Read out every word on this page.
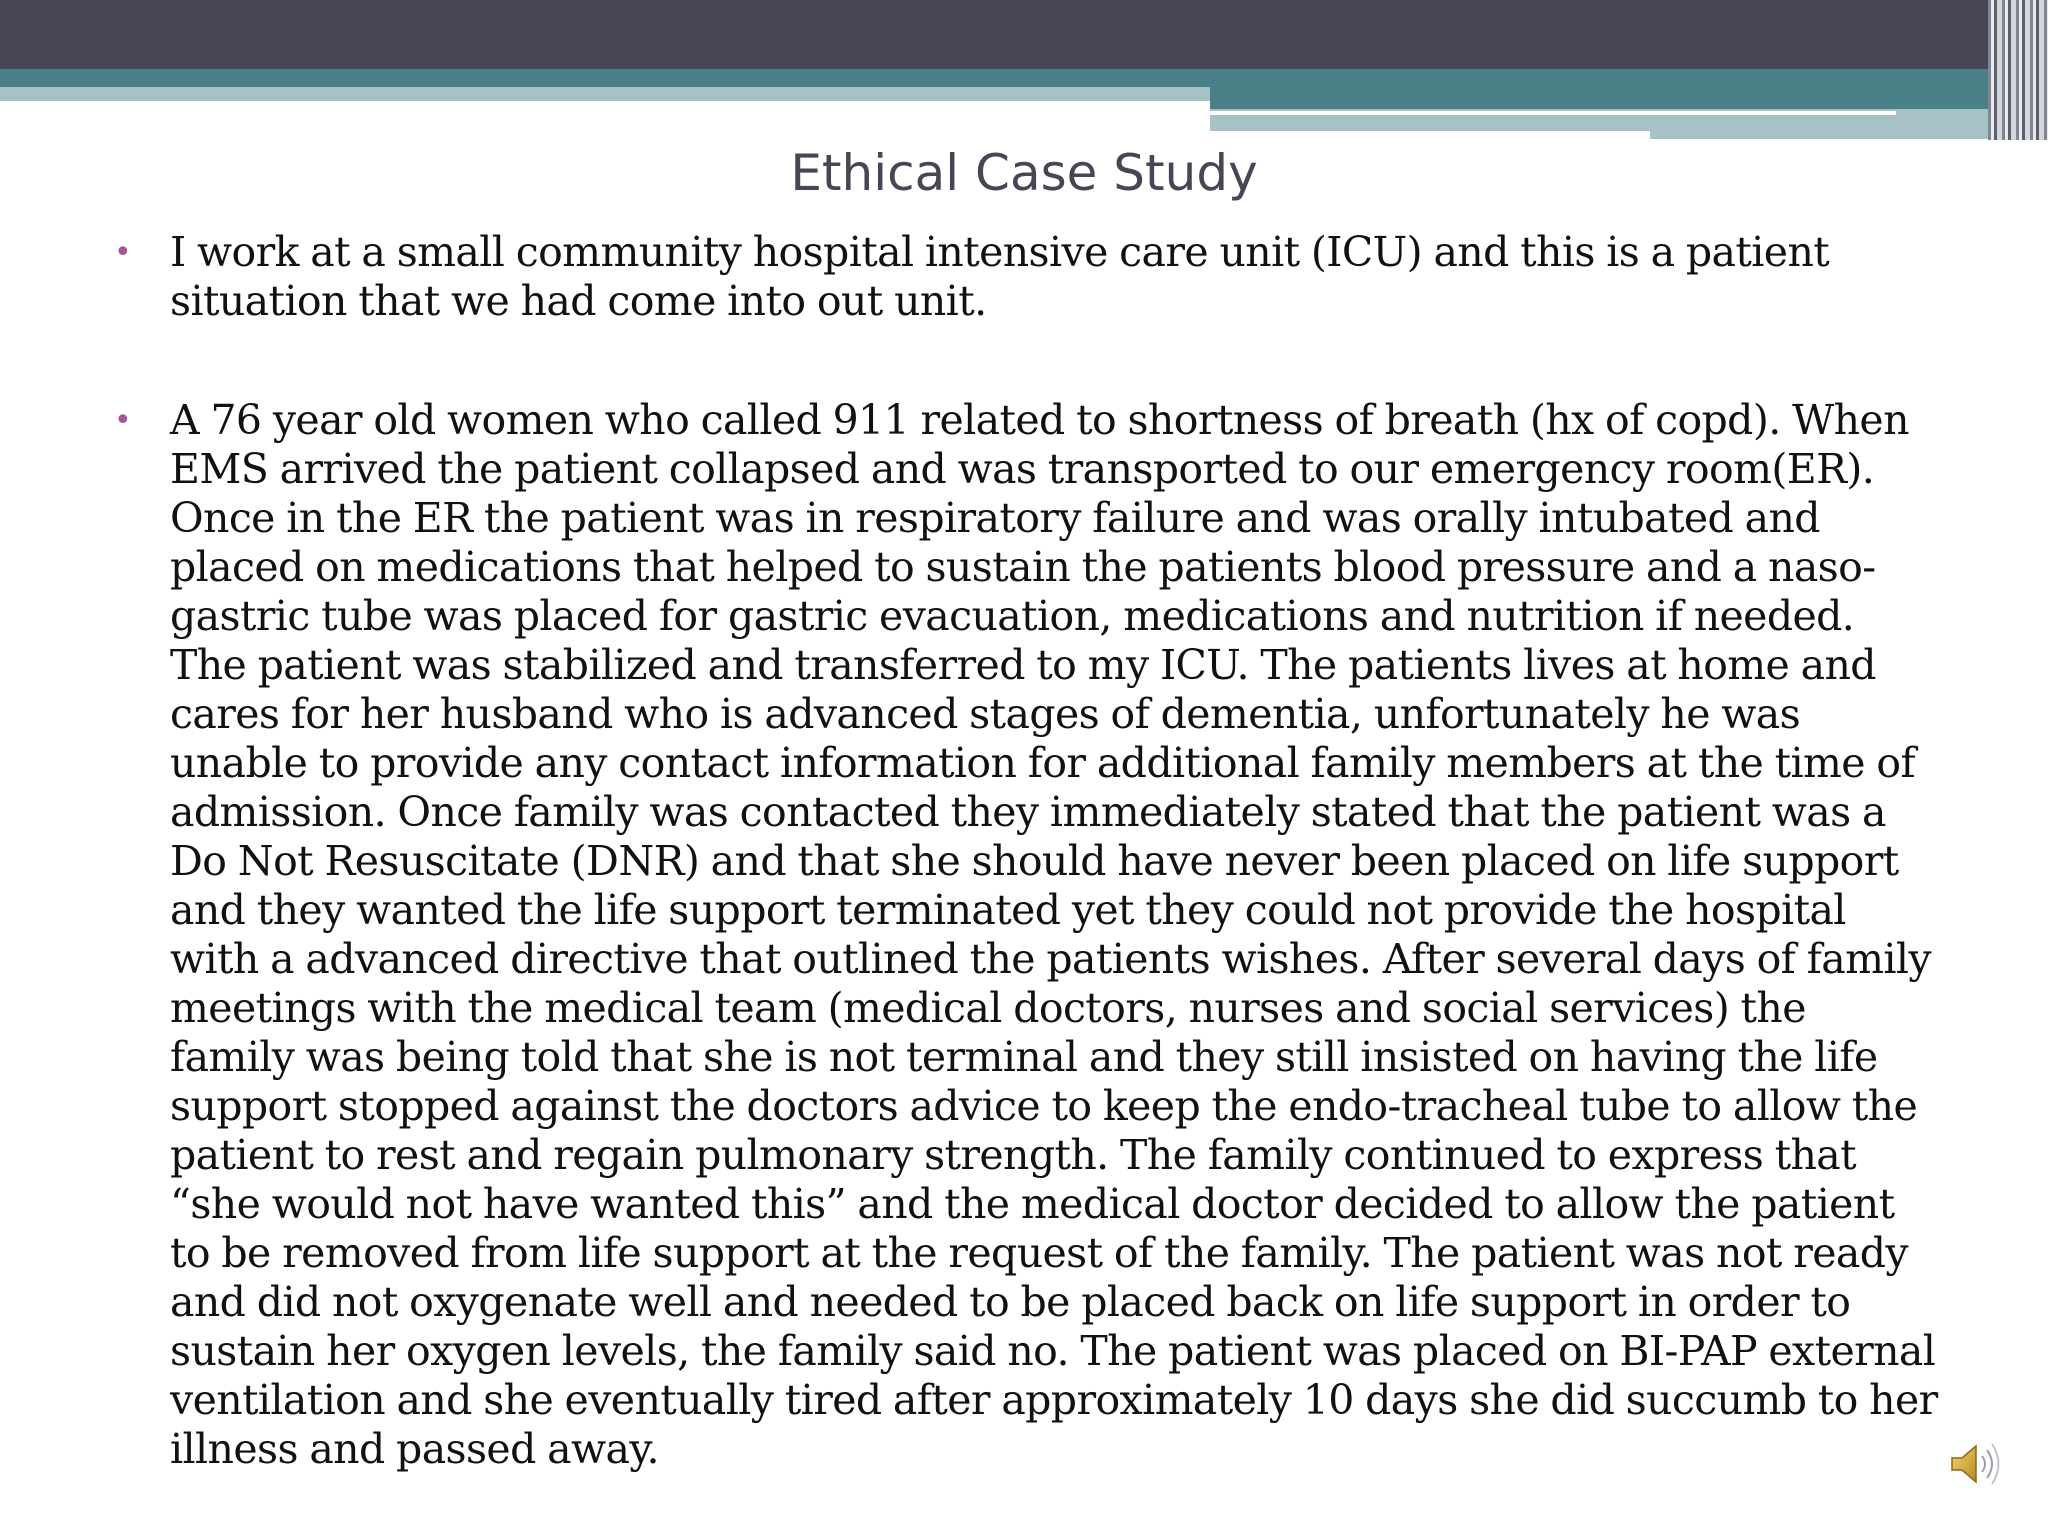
Ethical Case Study
• I work at a small community hospital intensive care unit (ICU) and this is a patient situation that we had come into out unit.
• A 76 year old women who called 911 related to shortness of breath (hx of copd). When EMS arrived the patient collapsed and was transported to our emergency room(ER). Once in the ER the patient was in respiratory failure and was orally intubated and placed on medications that helped to sustain the patients blood pressure and a naso-gastric tube was placed for gastric evacuation, medications and nutrition if needed. The patient was stabilized and transferred to my ICU. The patients lives at home and cares for her husband who is advanced stages of dementia, unfortunately he was unable to provide any contact information for additional family members at the time of admission. Once family was contacted they immediately stated that the patient was a Do Not Resuscitate (DNR) and that she should have never been placed on life support and they wanted the life support terminated yet they could not provide the hospital with a advanced directive that outlined the patients wishes. After several days of family meetings with the medical team (medical doctors, nurses and social services) the family was being told that she is not terminal and they still insisted on having the life support stopped against the doctors advice to keep the endo-tracheal tube to allow the patient to rest and regain pulmonary strength. The family continued to express that “she would not have wanted this” and the medical doctor decided to allow the patient to be removed from life support at the request of the family. The patient was not ready and did not oxygenate well and needed to be placed back on life support in order to sustain her oxygen levels, the family said no. The patient was placed on BI-PAP external ventilation and she eventually tired after approximately 10 days she did succumb to her illness and passed away.
